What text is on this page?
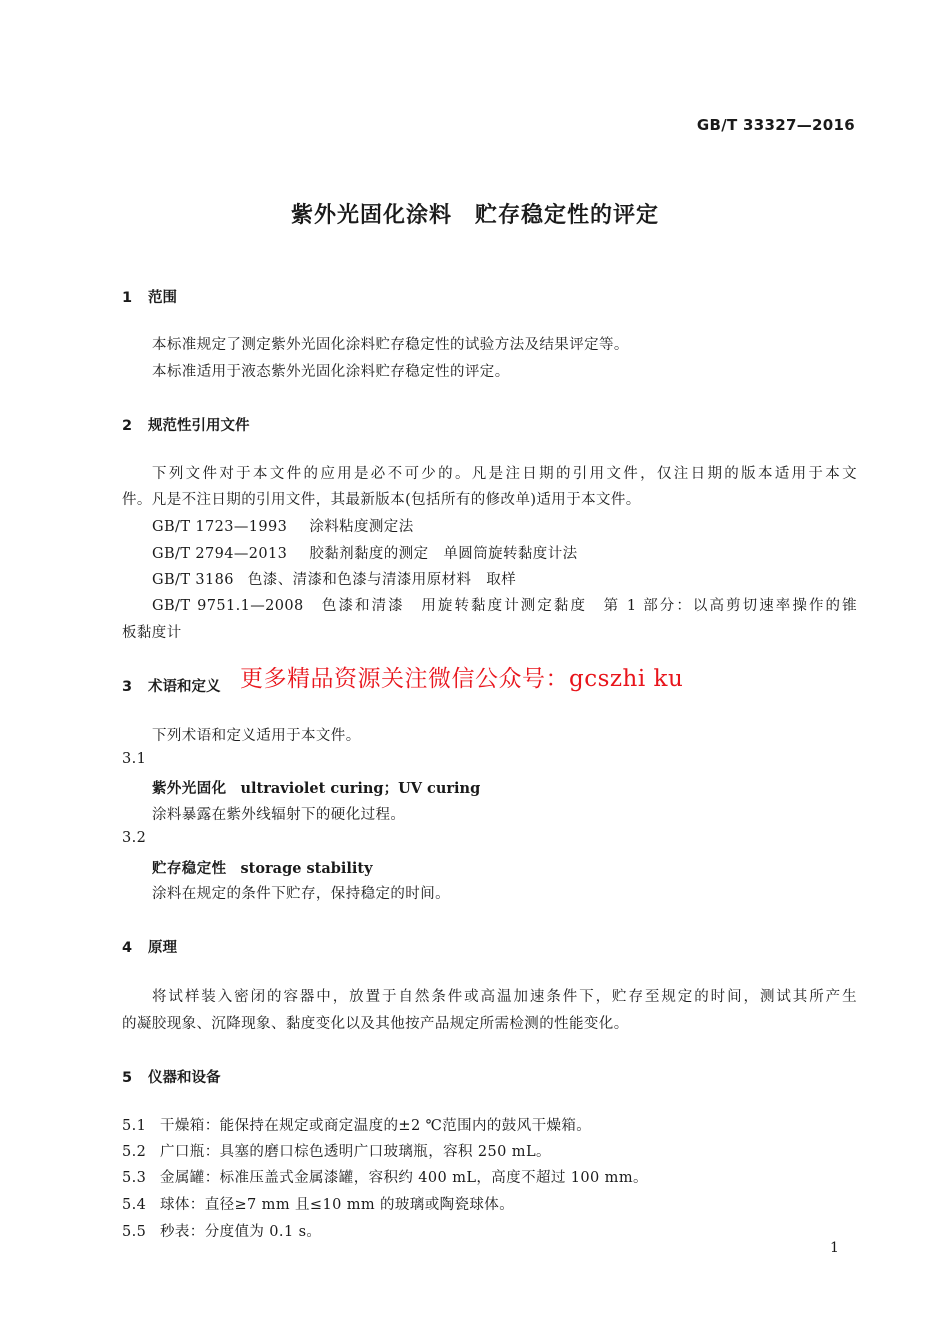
GB/T 33327—2016
紫外光固化涂料　贮存稳定性的评定
1 范围
本标准规定了测定紫外光固化涂料贮存稳定性的试验方法及结果评定等。
本标准适用于液态紫外光固化涂料贮存稳定性的评定。
2 规范性引用文件
下列文件对于本文件的应用是必不可少的。凡是注日期的引用文件，仅注日期的版本适用于本文
件。凡是不注日期的引用文件，其最新版本(包括所有的修改单)适用于本文件。
GB/T 1723—1993 涂料粘度测定法
GB/T 2794—2013 胶黏剂黏度的测定　单圆筒旋转黏度计法
GB/T 3186 色漆、清漆和色漆与清漆用原材料　取样
GB/T 9751.1—2008　 色漆和清漆　用旋转黏度计测定黏度　第 1 部分：以高剪切速率操作的锥
板黏度计
3 术语和定义 更多精品资源关注微信公众号：gcszhi ku
下列术语和定义适用于本文件。
3.1
紫外光固化 ultraviolet curing；UV curing
涂料暴露在紫外线辐射下的硬化过程。
3.2
贮存稳定性 storage stability
涂料在规定的条件下贮存，保持稳定的时间。
4 原理
将试样装入密闭的容器中，放置于自然条件或高温加速条件下，贮存至规定的时间，测试其所产生
的凝胶现象、沉降现象、黏度变化以及其他按产品规定所需检测的性能变化。
5 仪器和设备
5.1 干燥箱：能保持在规定或商定温度的±2 ℃范围内的鼓风干燥箱。
5.2 广口瓶：具塞的磨口棕色透明广口玻璃瓶，容积 250 mL。
5.3 金属罐：标准压盖式金属漆罐，容积约 400 mL，高度不超过 100 mm。
5.4 球体：直径≥7 mm 且≤10 mm 的玻璃或陶瓷球体。
5.5 秒表：分度值为 0.1 s。
1
